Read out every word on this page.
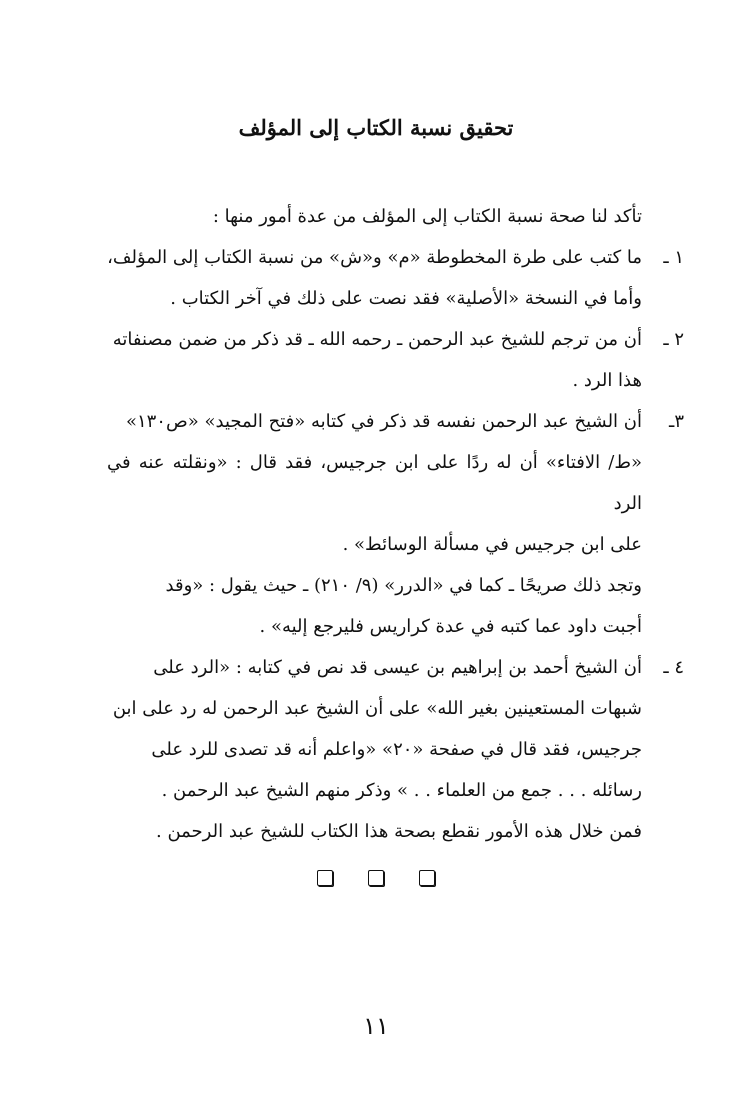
تحقيق نسبة الكتاب إلى المؤلف

تأكد لنا صحة نسبة الكتاب إلى المؤلف من عدة أمور منها :

١ ـ
ما كتب على طرة المخطوطة «م» و«ش» من نسبة الكتاب إلى المؤلف،
وأما في النسخة «الأصلية» فقد نصت على ذلك في آخر الكتاب .
٢ ـ
أن من ترجم للشيخ عبد الرحمن ـ رحمه الله ـ قد ذكر من ضمن مصنفاته
هذا الرد .
٣ـ
أن الشيخ عبد الرحمن نفسه قد ذكر في كتابه «فتح المجيد» «ص١٣٠»
«ط/ الافتاء» أن له ردًا على ابن جرجيس، فقد قال : «ونقلته عنه في الرد
على ابن جرجيس في مسألة الوسائط» .
وتجد ذلك صريحًا ـ كما في «الدرر» (٩/ ٢١٠) ـ حيث يقول : «وقد
أجبت داود عما كتبه في عدة كراريس فليرجع إليه» .
٤ ـ
أن الشيخ أحمد بن إبراهيم بن عيسى قد نص في كتابه : «الرد على
شبهات المستعينين بغير الله» على أن الشيخ عبد الرحمن له رد على ابن
جرجيس، فقد قال في صفحة «٢٠» «واعلم أنه قد تصدى للرد على
رسائله . . . جمع من العلماء . . » وذكر منهم الشيخ عبد الرحمن .

فمن خلال هذه الأمور نقطع بصحة هذا الكتاب للشيخ عبد الرحمن .

١١
